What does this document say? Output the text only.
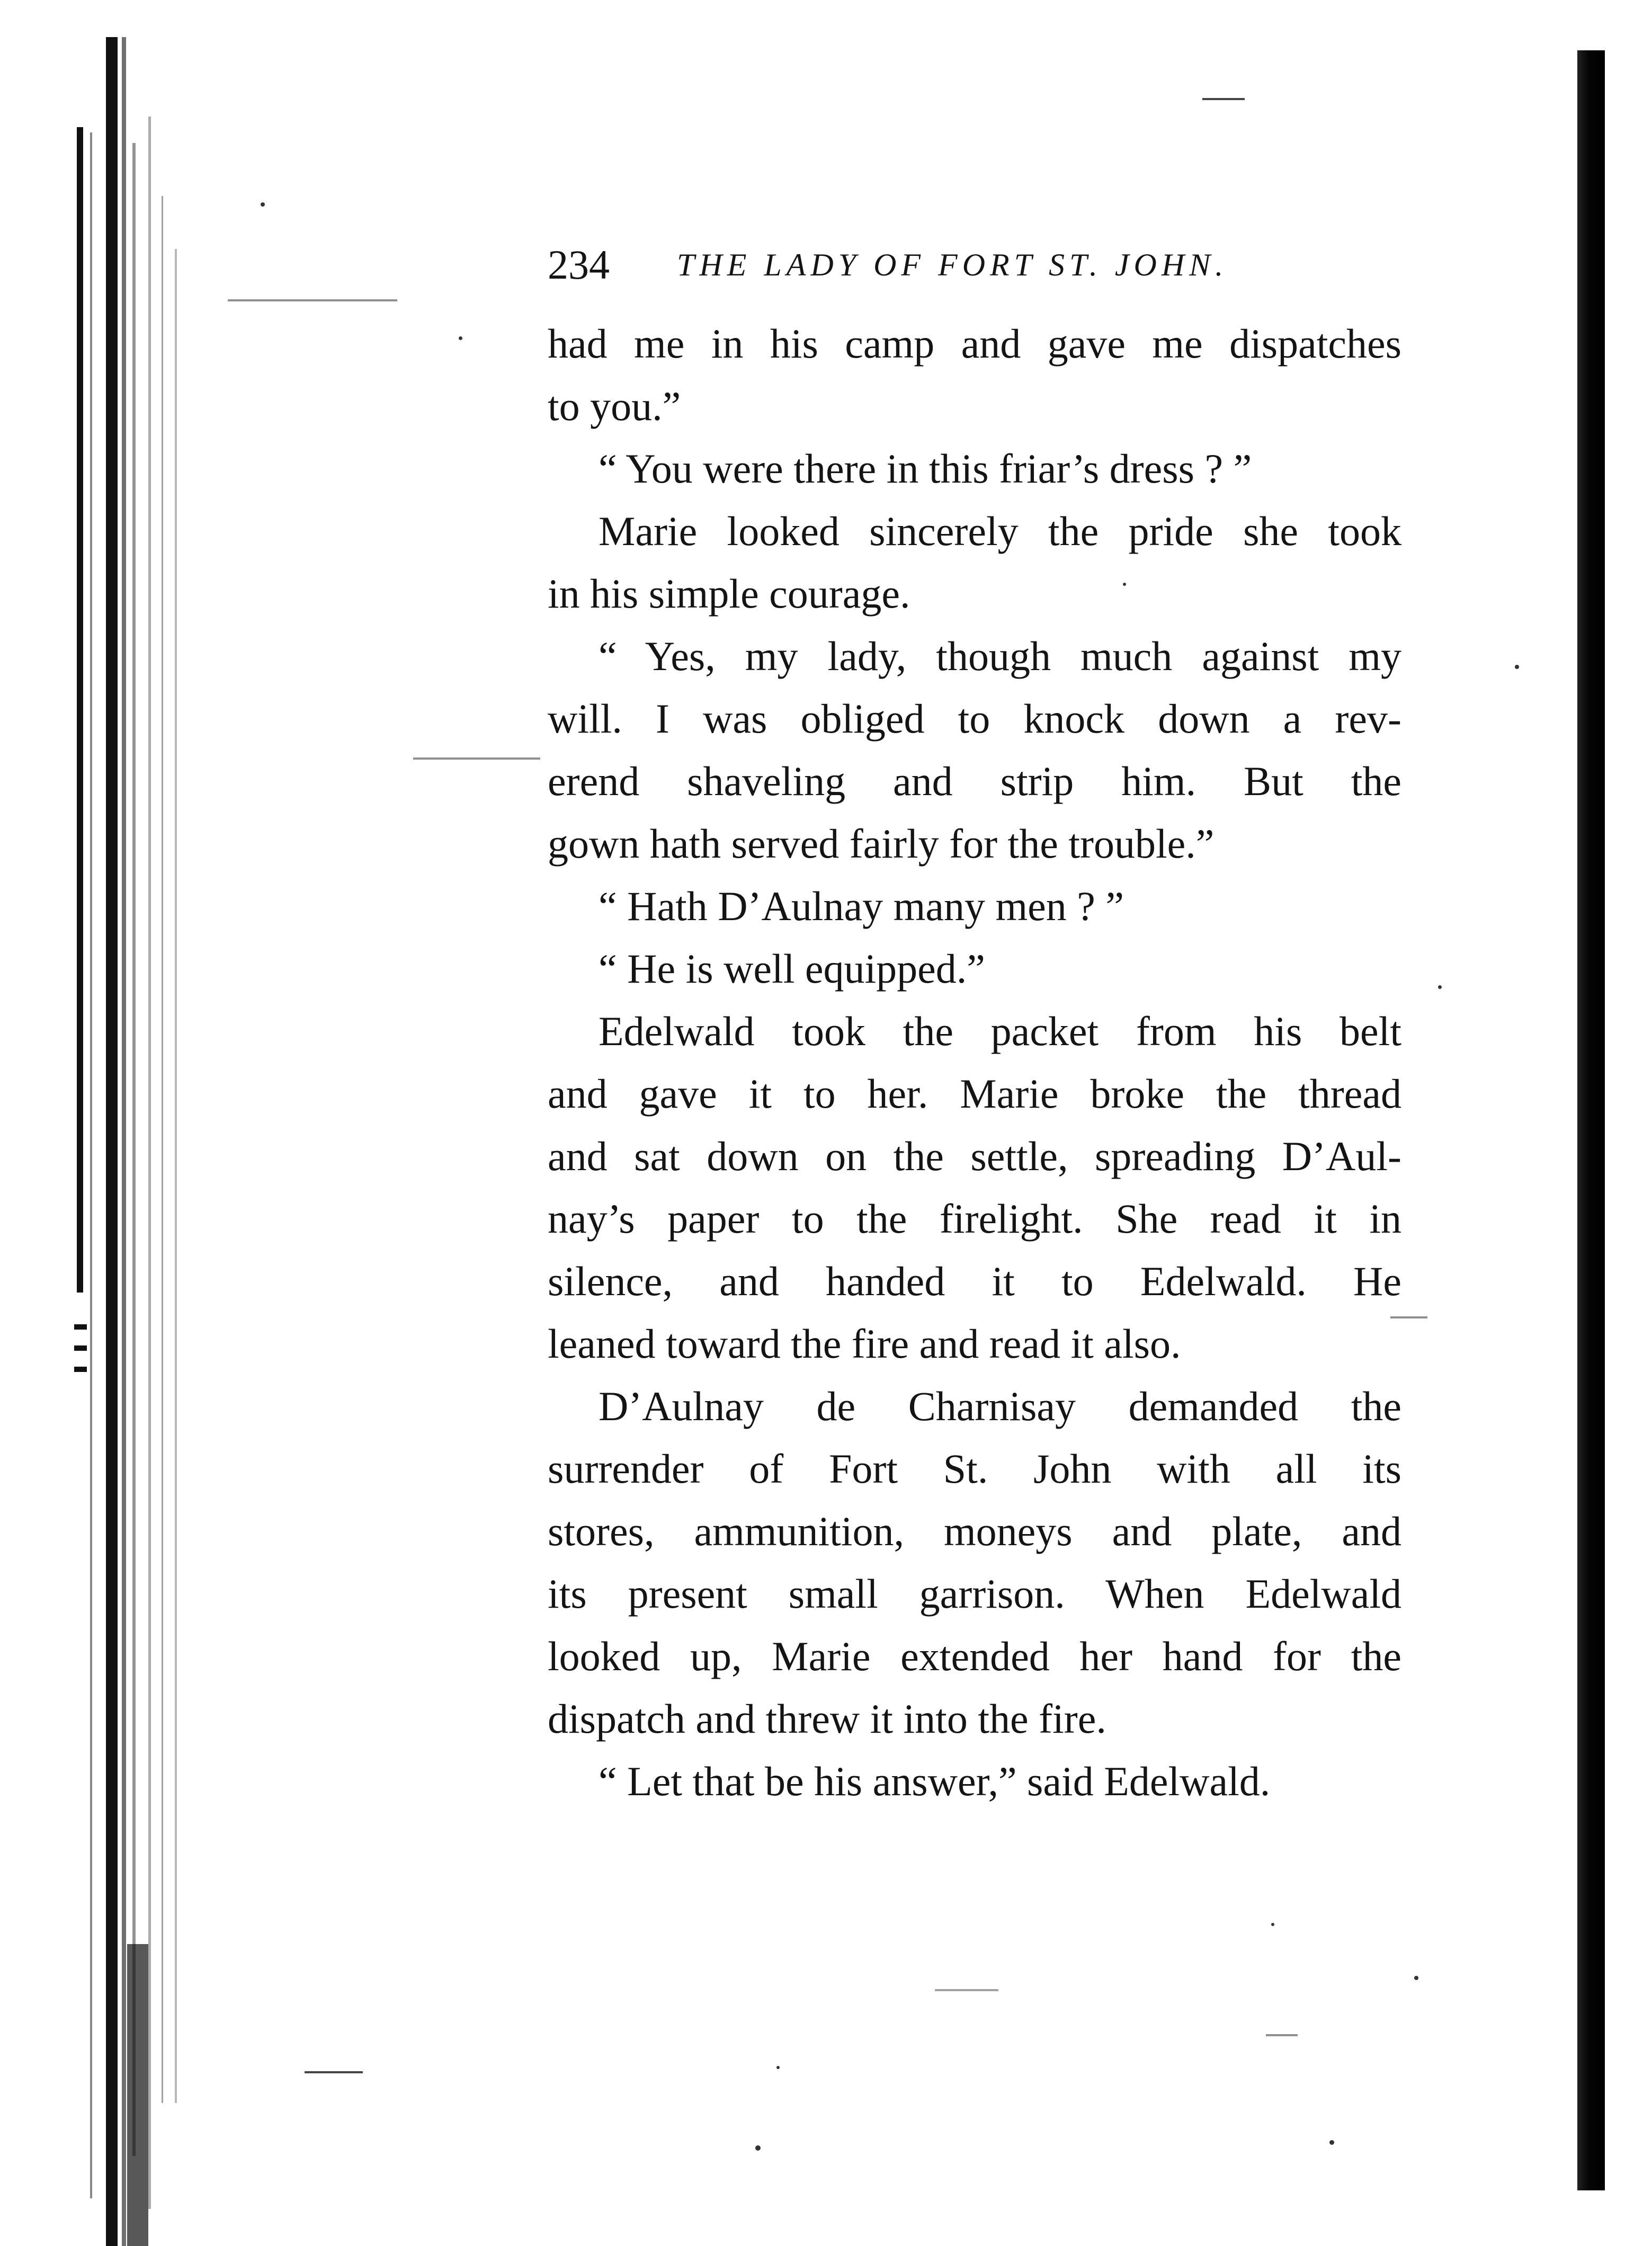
234 THE LADY OF FORT ST. JOHN.
had me in his camp and gave me dispatches
to you.”
“ You were there in this friar’s dress ? ”
Marie looked sincerely the pride she took
in his simple courage.
“ Yes, my lady, though much against my
will. I was obliged to knock down a rev-
erend shaveling and strip him. But the
gown hath served fairly for the trouble.”
“ Hath D’Aulnay many men ? ”
“ He is well equipped.”
Edelwald took the packet from his belt
and gave it to her. Marie broke the thread
and sat down on the settle, spreading D’Aul-
nay’s paper to the firelight. She read it in
silence, and handed it to Edelwald. He
leaned toward the fire and read it also.
D’Aulnay de Charnisay demanded the
surrender of Fort St. John with all its
stores, ammunition, moneys and plate, and
its present small garrison. When Edelwald
looked up, Marie extended her hand for the
dispatch and threw it into the fire.
“ Let that be his answer,” said Edelwald.
